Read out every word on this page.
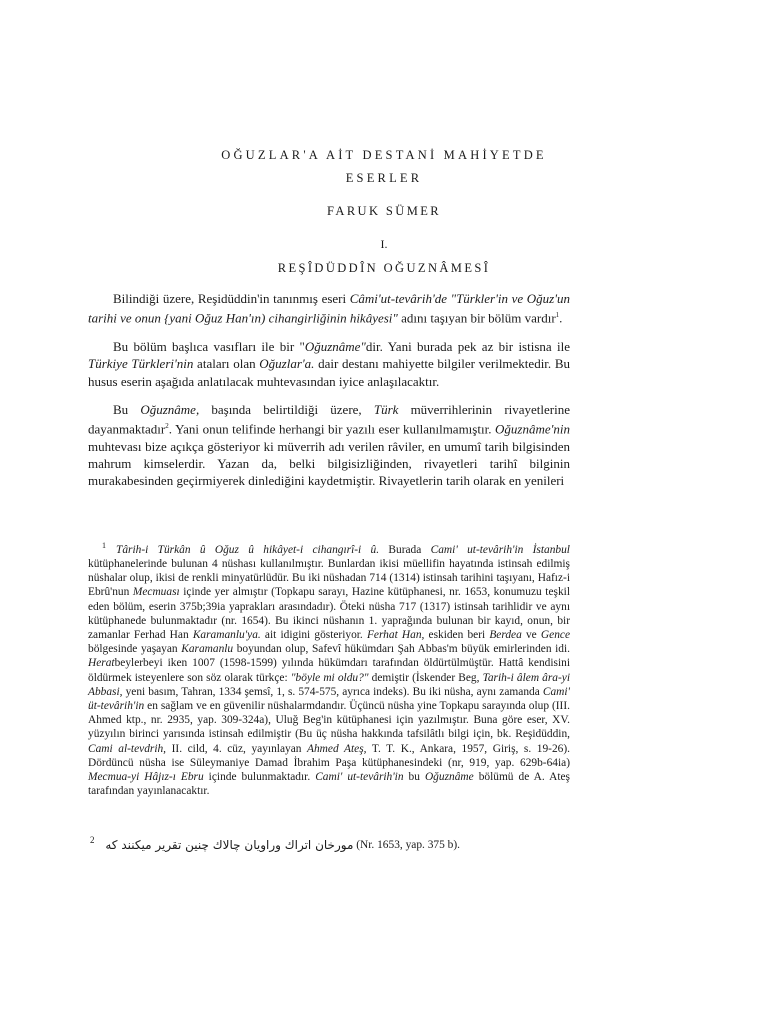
OĞUZLAR'A AİT DESTANİ MAHİYETDE
ESERLER
FARUK SÜMER
I.
REŞÎDÜDDÎN OĞUZNÂMESÎ

Bilindiği üzere, Reşidüddin'in tanınmış eseri Câmi'ut-tevârih'de "Türkler'in ve Oğuz'un tarihi ve onun {yani Oğuz Han'ın) cihangirliğinin hikâyesi" adını taşıyan bir bölüm vardır$^1$.

Bu bölüm başlıca vasıfları ile bir "Oğuznâme"dir. Yani burada pek az bir istisna ile Türkiye Türkleri'nin ataları olan Oğuzlar'a. dair destanı mahiyette bilgiler verilmektedir. Bu husus eserin aşağıda anlatılacak muhtevasından iyice anlaşılacaktır.

Bu Oğuznâme, başında belirtildiği üzere, Türk müverrihlerinin rivayetlerine dayanmaktadır$^2$. Yani onun telifinde herhangi bir yazılı eser kullanılmamıştır. Oğuznâme'nin muhtevası bize açıkça gösteriyor ki müverrih adı verilen râviler, en umumî tarih bilgisinden mahrum kimselerdir. Yazan da, belki bilgisizliğinden, rivayetleri tarihî bilginin murakabesinden geçirmiyerek dinlediğini kaydetmiştir. Rivayetlerin tarih olarak en yenileri

$^1$ Târih-i Türkân û Oğuz û hikâyet-i cihangırî-i û. Burada Cami' ut-tevârih'in İstanbul kütüphanelerinde bulunan 4 nüshası kullanılmıştır. Bunlardan ikisi müellifin hayatında istinsah edilmiş nüshalar olup, ikisi de renkli minyatürlüdür. Bu iki nüshadan 714 (1314) istinsah tarihini taşıyanı, Hafız-i Ebrû'nun Mecmuası içinde yer almıştır (Topkapu sarayı, Hazine kütüphanesi, nr. 1653, konumuzu teşkil eden bölüm, eserin 375b;39ia yaprakları arasındadır). Öteki nüsha 717 (1317) istinsah tarihlidir ve aynı kütüphanede bulunmaktadır (nr. 1654). Bu ikinci nüshanın 1. yaprağında bulunan bir kayıd, onun, bir zamanlar Ferhad Han Karamanlu'ya. ait idigini gösteriyor. Ferhat Han, eskiden beri Berdea ve Gence bölgesinde yaşayan Karamanlu boyundan olup, Safevî hükümdarı Şah Abbas'm büyük emirlerinden idi. Heratbeylerbeyi iken 1007 (1598-1599) yılında hükümdarı tarafından öldürtülmüştür. Hattâ kendisini öldürmek isteyenlere son söz olarak türkçe: "böyle mi oldu?" demiştir (İskender Beg, Tarih-i âlem âra-yi Abbasi, yeni basım, Tahran, 1334 şemsî, 1, s. 574-575, ayrıca indeks). Bu iki nüsha, aynı zamanda Cami' üt-tevârih'in en sağlam ve en güvenilir nüshalarmdandır. Üçüncü nüsha yine Topkapu sarayında olup (III. Ahmed ktp., nr. 2935, yap. 309-324a), Uluğ Beg'in kütüphanesi için yazılmıştır. Buna göre eser, XV. yüzyılın birinci yarısında istinsah edilmiştir (Bu üç nüsha hakkında tafsilâtlı bilgi için, bk. Reşidüddin, Cami al-tevdrih, II. cild, 4. cüz, yayınlayan Ahmed Ateş, T. T. K., Ankara, 1957, Giriş, s. 19-26). Dördüncü nüsha ise Süleymaniye Damad İbrahim Paşa kütüphanesindeki (nr, 919, yap. 629b-64ia) Mecmua-yi Hâjız-ı Ebru içinde bulunmaktadır. Cami' ut-tevârih'in bu Oğuznâme bölümü de A. Ateş tarafından yayınlanacaktır.

$^2$ مورخان اتراك وراويان چالاك چنين تقرير ميكنند كه (Nr. 1653, yap. 375 b).
